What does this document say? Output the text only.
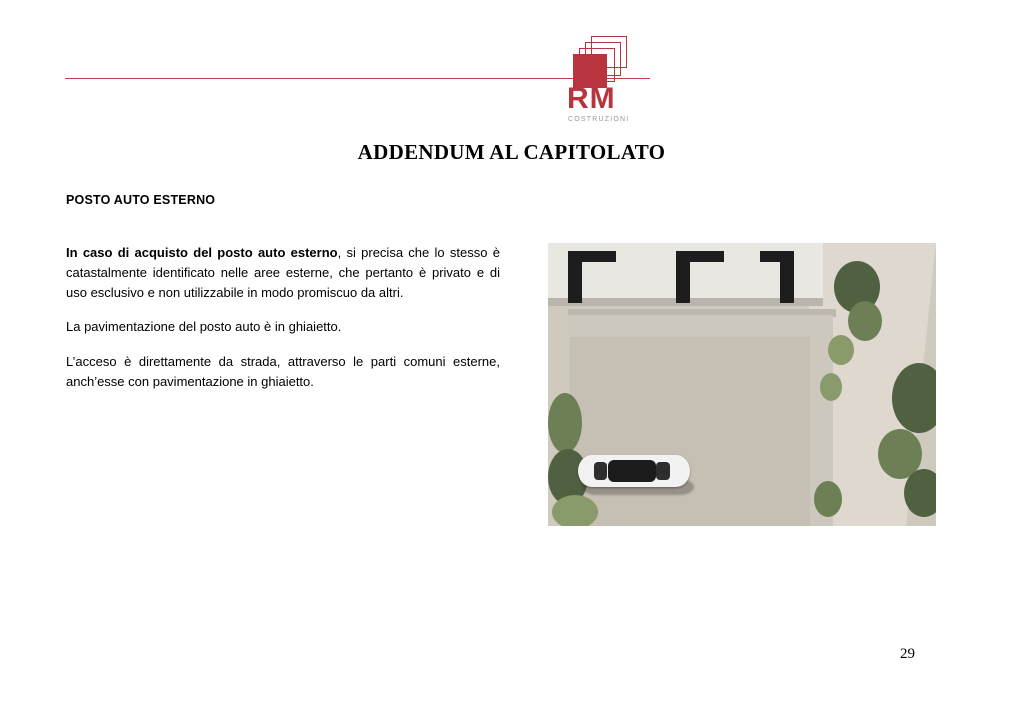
RM
COSTRUZIONI
ADDENDUM AL CAPITOLATO

POSTO AUTO ESTERNO

In caso di acquisto del posto auto esterno, si precisa che lo stesso è catastalmente identificato nelle aree esterne, che pertanto è privato e di uso esclusivo e non utilizzabile in modo promiscuo da altri.

La pavimentazione del posto auto è in ghiaietto.

L’acceso è direttamente da strada, attraverso le parti comuni esterne, anch’esse con pavimentazione in ghiaietto.

29
